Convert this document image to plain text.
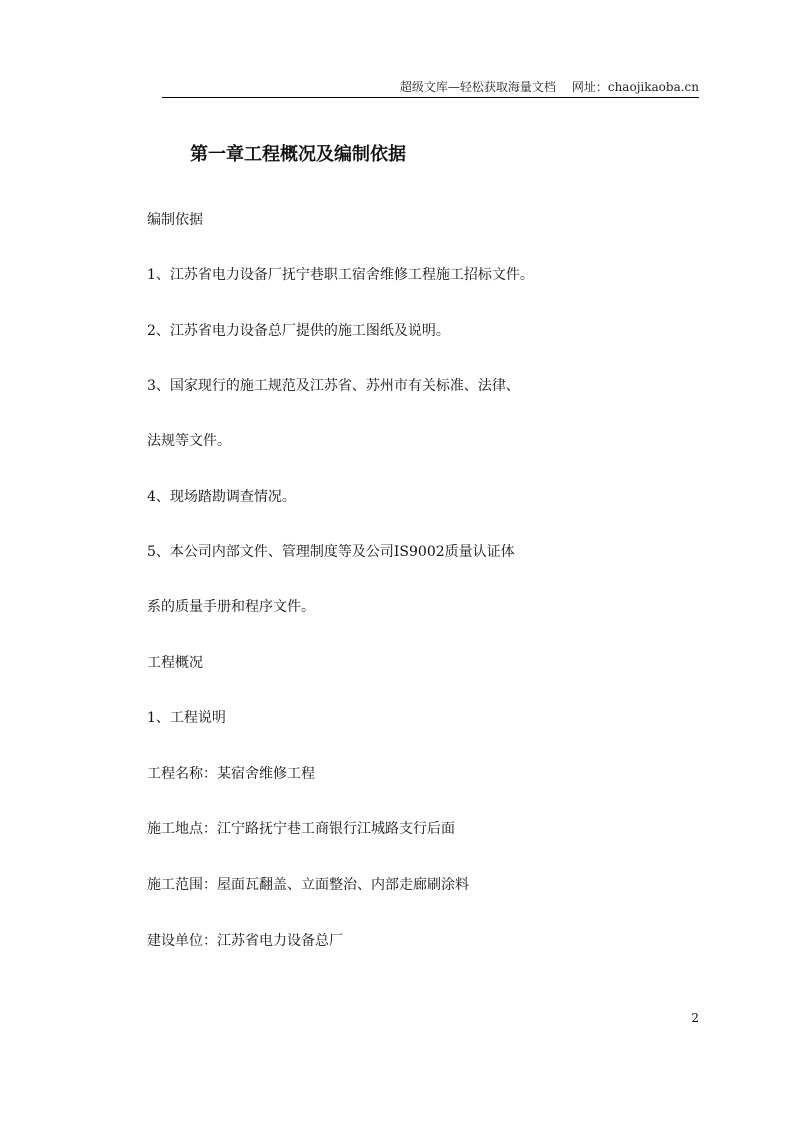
超级文库—轻松获取海量文档 网址：chaojikaoba.cn
第一章工程概况及编制依据

编制依据

1、江苏省电力设备厂抚宁巷职工宿舍维修工程施工招标文件。

2、江苏省电力设备总厂提供的施工图纸及说明。

3、国家现行的施工规范及江苏省、苏州市有关标准、法律、

法规等文件。

4、现场踏勘调查情况。

5、本公司内部文件、管理制度等及公司IS9002质量认证体

系的质量手册和程序文件。

工程概况

1、工程说明

工程名称：某宿舍维修工程

施工地点：江宁路抚宁巷工商银行江城路支行后面

施工范围：屋面瓦翻盖、立面整治、内部走廊刷涂料

建设单位：江苏省电力设备总厂

2
